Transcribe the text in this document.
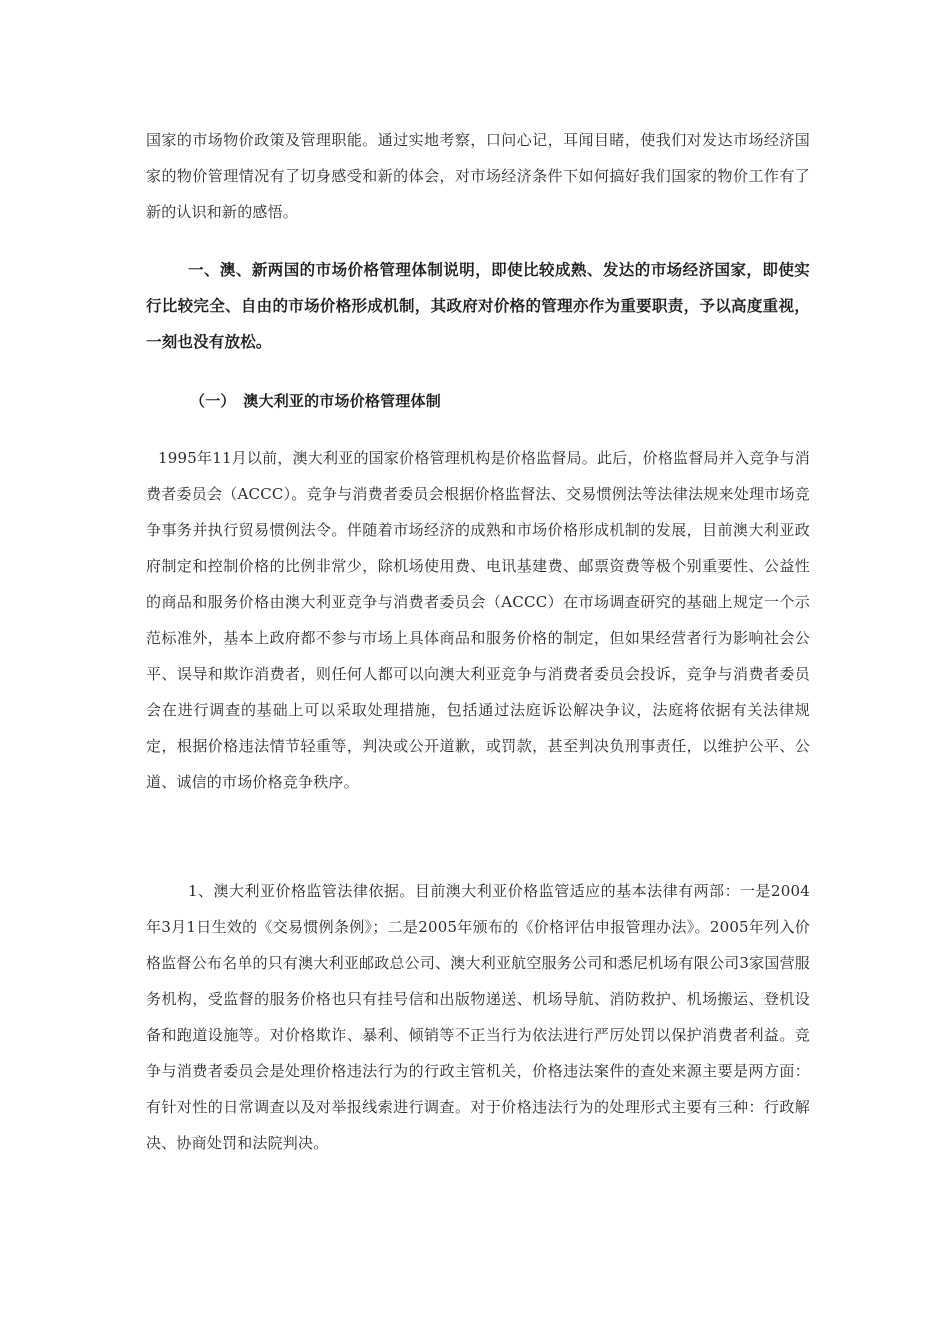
国家的市场物价政策及管理职能。通过实地考察，口问心记，耳闻目睹，使我们对发达市场经济国家的物价管理情况有了切身感受和新的体会，对市场经济条件下如何搞好我们国家的物价工作有了新的认识和新的感悟。

一、澳、新两国的市场价格管理体制说明，即使比较成熟、发达的市场经济国家，即使实行比较完全、自由的市场价格形成机制，其政府对价格的管理亦作为重要职责，予以高度重视，一刻也没有放松。

（一）　澳大利亚的市场价格管理体制

1995年11月以前，澳大利亚的国家价格管理机构是价格监督局。此后，价格监督局并入竞争与消费者委员会（ACCC）。竞争与消费者委员会根据价格监督法、交易惯例法等法律法规来处理市场竞争事务并执行贸易惯例法令。伴随着市场经济的成熟和市场价格形成机制的发展，目前澳大利亚政府制定和控制价格的比例非常少，除机场使用费、电讯基建费、邮票资费等极个别重要性、公益性的商品和服务价格由澳大利亚竞争与消费者委员会（ACCC）在市场调查研究的基础上规定一个示范标准外，基本上政府都不参与市场上具体商品和服务价格的制定，但如果经营者行为影响社会公平、误导和欺诈消费者，则任何人都可以向澳大利亚竞争与消费者委员会投诉，竞争与消费者委员会在进行调查的基础上可以采取处理措施，包括通过法庭诉讼解决争议，法庭将依据有关法律规定，根据价格违法情节轻重等，判决或公开道歉，或罚款，甚至判决负刑事责任，以维护公平、公道、诚信的市场价格竞争秩序。

1、澳大利亚价格监管法律依据。目前澳大利亚价格监管适应的基本法律有两部：一是2004年3月1日生效的《交易惯例条例》；二是2005年颁布的《价格评估申报管理办法》。2005年列入价格监督公布名单的只有澳大利亚邮政总公司、澳大利亚航空服务公司和悉尼机场有限公司3家国营服务机构，受监督的服务价格也只有挂号信和出版物递送、机场导航、消防救护、机场搬运、登机设备和跑道设施等。对价格欺诈、暴利、倾销等不正当行为依法进行严厉处罚以保护消费者利益。竞争与消费者委员会是处理价格违法行为的行政主管机关，价格违法案件的查处来源主要是两方面：有针对性的日常调查以及对举报线索进行调查。对于价格违法行为的处理形式主要有三种：行政解决、协商处罚和法院判决。
